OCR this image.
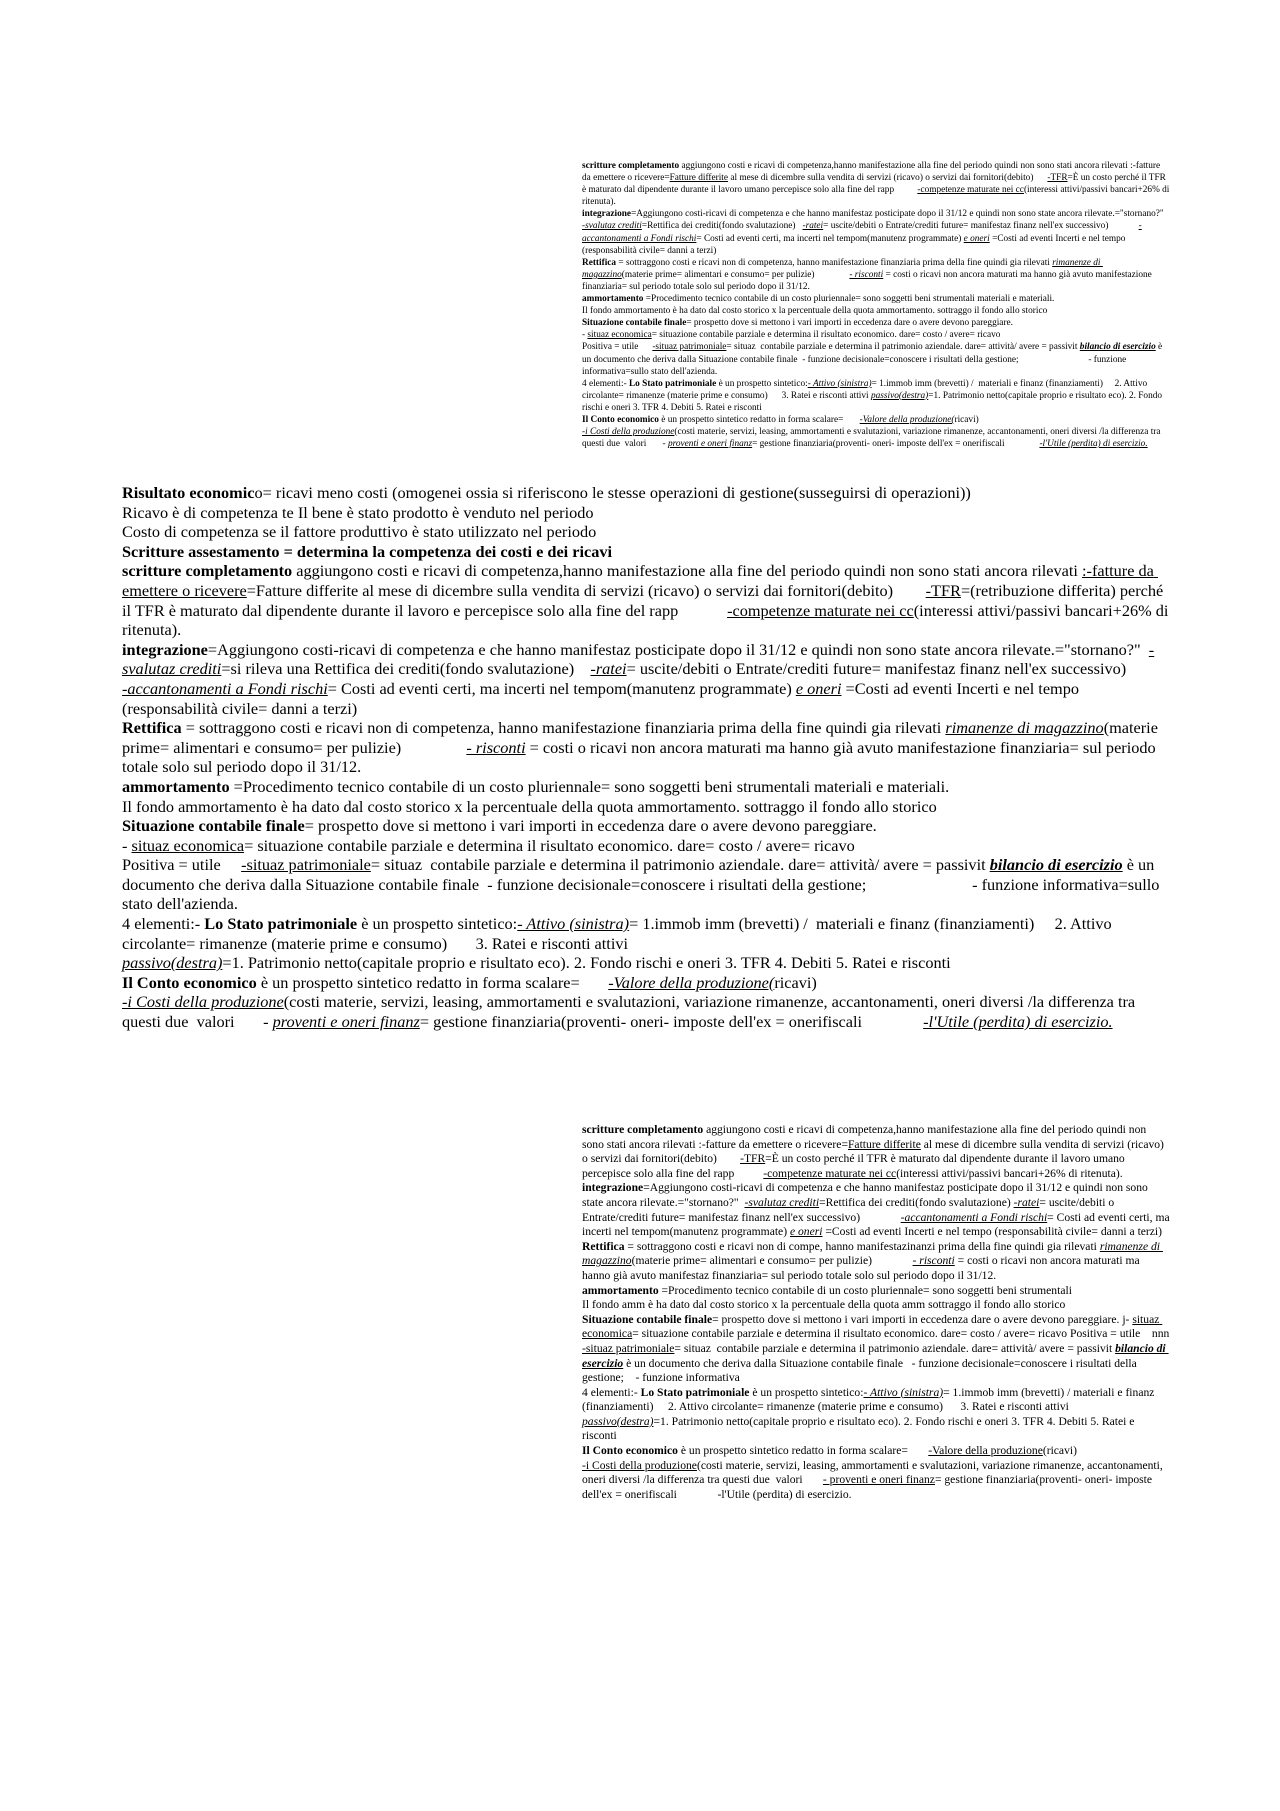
scritture completamento aggiungono costi e ricavi di competenza,hanno manifestazione alla fine del periodo quindi non sono stati ancora rilevati :-fatture da emettere o ricevere=Fatture differite al mese di dicembre sulla vendita di servizi (ricavo) o servizi dai fornitori(debito)      -TFR=È un costo perché il TFR è maturato dal dipendente durante il lavoro umano percepisce solo alla fine del rapp          -competenze maturate nei cc(interessi attivi/passivi bancari+26% di ritenuta).

integrazione=Aggiungono costi-ricavi di competenza e che hanno manifestaz posticipate dopo il 31/12 e quindi non sono state ancora rilevate.="stornano?"  -svalutaz crediti=Rettifica dei crediti(fondo svalutazione)   -ratei= uscite/debiti o Entrate/crediti future= manifestaz finanz nell'ex successivo)             -accantonamenti a Fondi rischi= Costi ad eventi certi, ma incerti nel tempom(manutenz programmate) e oneri =Costi ad eventi Incerti e nel tempo (responsabilità civile= danni a terzi)

Rettifica = sottraggono costi e ricavi non di competenza, hanno manifestazione finanziaria prima della fine quindi gia rilevati rimanenze di magazzino(materie prime= alimentari e consumo= per pulizie)               - risconti = costi o ricavi non ancora maturati ma hanno già avuto manifestazione finanziaria= sul periodo totale solo sul periodo dopo il 31/12.

ammortamento =Procedimento tecnico contabile di un costo pluriennale= sono soggetti beni strumentali materiali e materiali.

Il fondo ammortamento è ha dato dal costo storico x la percentuale della quota ammortamento. sottraggo il fondo allo storico

Situazione contabile finale= prospetto dove si mettono i vari importi in eccedenza dare o avere devono pareggiare.

- situaz economica= situazione contabile parziale e determina il risultato economico. dare= costo / avere= ricavo

Positiva = utile      -situaz patrimoniale= situaz  contabile parziale e determina il patrimonio aziendale. dare= attività/ avere = passivit bilancio di esercizio è un documento che deriva dalla Situazione contabile finale  - funzione decisionale=conoscere i risultati della gestione;                              - funzione informativa=sullo stato dell'azienda.

4 elementi:- Lo Stato patrimoniale è un prospetto sintetico:- Attivo (sinistra)= 1.immob imm (brevetti) /  materiali e finanz (finanziamenti)     2. Attivo circolante= rimanenze (materie prime e consumo)      3. Ratei e risconti attivi passivo(destra)=1. Patrimonio netto(capitale proprio e risultato eco). 2. Fondo rischi e oneri 3. TFR 4. Debiti 5. Ratei e risconti

Il Conto economico è un prospetto sintetico redatto in forma scalare=       -Valore della produzione(ricavi)

-i Costi della produzione(costi materie, servizi, leasing, ammortamenti e svalutazioni, variazione rimanenze, accantonamenti, oneri diversi /la differenza tra questi due  valori       - proventi e oneri finanz= gestione finanziaria(proventi- oneri- imposte dell'ex = onerifiscali               -l'Utile (perdita) di esercizio.

Risultato economico= ricavi meno costi (omogenei ossia si riferiscono le stesse operazioni di gestione(susseguirsi di operazioni))

Ricavo è di competenza te Il bene è stato prodotto è venduto nel periodo

Costo di competenza se il fattore produttivo è stato utilizzato nel periodo

Scritture assestamento = determina la competenza dei costi e dei ricavi

scritture completamento aggiungono costi e ricavi di competenza,hanno manifestazione alla fine del periodo quindi non sono stati ancora rilevati :-fatture da emettere o ricevere=Fatture differite al mese di dicembre sulla vendita di servizi (ricavo) o servizi dai fornitori(debito)        -TFR=(retribuzione differita) perché il TFR è maturato dal dipendente durante il lavoro e percepisce solo alla fine del rapp            -competenze maturate nei cc(interessi attivi/passivi bancari+26% di ritenuta).

integrazione=Aggiungono costi-ricavi di competenza e che hanno manifestaz posticipate dopo il 31/12 e quindi non sono state ancora rilevate.="stornano?"  -svalutaz crediti=si rileva una Rettifica dei crediti(fondo svalutazione)    -ratei= uscite/debiti o Entrate/crediti future= manifestaz finanz nell'ex successivo)             -accantonamenti a Fondi rischi= Costi ad eventi certi, ma incerti nel tempom(manutenz programmate) e oneri =Costi ad eventi Incerti e nel tempo (responsabilità civile= danni a terzi)

Rettifica = sottraggono costi e ricavi non di competenza, hanno manifestazione finanziaria prima della fine quindi gia rilevati rimanenze di magazzino(materie prime= alimentari e consumo= per pulizie)                - risconti = costi o ricavi non ancora maturati ma hanno già avuto manifestazione finanziaria= sul periodo totale solo sul periodo dopo il 31/12.

ammortamento =Procedimento tecnico contabile di un costo pluriennale= sono soggetti beni strumentali materiali e materiali.

Il fondo ammortamento è ha dato dal costo storico x la percentuale della quota ammortamento. sottraggo il fondo allo storico

Situazione contabile finale= prospetto dove si mettono i vari importi in eccedenza dare o avere devono pareggiare.

- situaz economica= situazione contabile parziale e determina il risultato economico. dare= costo / avere= ricavo

Positiva = utile     -situaz patrimoniale= situaz  contabile parziale e determina il patrimonio aziendale. dare= attività/ avere = passivit bilancio di esercizio è un documento che deriva dalla Situazione contabile finale  - funzione decisionale=conoscere i risultati della gestione;                          - funzione informativa=sullo stato dell'azienda.

4 elementi:- Lo Stato patrimoniale è un prospetto sintetico:- Attivo (sinistra)= 1.immob imm (brevetti) /  materiali e finanz (finanziamenti)     2. Attivo circolante= rimanenze (materie prime e consumo)       3. Ratei e risconti attivi

passivo(destra)=1. Patrimonio netto(capitale proprio e risultato eco). 2. Fondo rischi e oneri 3. TFR 4. Debiti 5. Ratei e risconti

Il Conto economico è un prospetto sintetico redatto in forma scalare=       -Valore della produzione(ricavi)

-i Costi della produzione(costi materie, servizi, leasing, ammortamenti e svalutazioni, variazione rimanenze, accantonamenti, oneri diversi /la differenza tra questi due  valori       - proventi e oneri finanz= gestione finanziaria(proventi- oneri- imposte dell'ex = onerifiscali               -l'Utile (perdita) di esercizio.

scritture completamento aggiungono costi e ricavi di competenza,hanno manifestazione alla fine del periodo quindi non sono stati ancora rilevati :-fatture da emettere o ricevere=Fatture differite al mese di dicembre sulla vendita di servizi (ricavo) o servizi dai fornitori(debito)        -TFR=È un costo perché il TFR è maturato dal dipendente durante il lavoro umano percepisce solo alla fine del rapp          -competenze maturate nei cc(interessi attivi/passivi bancari+26% di ritenuta).

integrazione=Aggiungono costi-ricavi di competenza e che hanno manifestaz posticipate dopo il 31/12 e quindi non sono state ancora rilevate.="stornano?"  -svalutaz crediti=Rettifica dei crediti(fondo svalutazione) -ratei= uscite/debiti o Entrate/crediti future= manifestaz finanz nell'ex successivo)              -accantonamenti a Fondi rischi= Costi ad eventi certi, ma incerti nel tempom(manutenz programmate) e oneri =Costi ad eventi Incerti e nel tempo (responsabilità civile= danni a terzi)

Rettifica = sottraggono costi e ricavi non di compe, hanno manifestazinanzi prima della fine quindi gia rilevati rimanenze di magazzino(materie prime= alimentari e consumo= per pulizie)              - risconti = costi o ricavi non ancora maturati ma hanno già avuto manifestaz finanziaria= sul periodo totale solo sul periodo dopo il 31/12.

ammortamento =Procedimento tecnico contabile di un costo pluriennale= sono soggetti beni strumentali

Il fondo amm è ha dato dal costo storico x la percentuale della quota amm sottraggo il fondo allo storico

Situazione contabile finale= prospetto dove si mettono i vari importi in eccedenza dare o avere devono pareggiare. j- situaz economica= situazione contabile parziale e determina il risultato economico. dare= costo / avere= ricavo Positiva = utile    nnn  -situaz patrimoniale= situaz  contabile parziale e determina il patrimonio aziendale. dare= attività/ avere = passivit bilancio di esercizio è un documento che deriva dalla Situazione contabile finale   - funzione decisionale=conoscere i risultati della gestione;    - funzione informativa

4 elementi:- Lo Stato patrimoniale è un prospetto sintetico:- Attivo (sinistra)= 1.immob imm (brevetti) / materiali e finanz (finanziamenti)     2. Attivo circolante= rimanenze (materie prime e consumo)      3. Ratei e risconti attivi              passivo(destra)=1. Patrimonio netto(capitale proprio e risultato eco). 2. Fondo rischi e oneri 3. TFR 4. Debiti 5. Ratei e risconti

Il Conto economico è un prospetto sintetico redatto in forma scalare=       -Valore della produzione(ricavi)

-i Costi della produzione(costi materie, servizi, leasing, ammortamenti e svalutazioni, variazione rimanenze, accantonamenti, oneri diversi /la differenza tra questi due  valori       - proventi e oneri finanz= gestione finanziaria(proventi- oneri- imposte dell'ex = onerifiscali              -l'Utile (perdita) di esercizio.
